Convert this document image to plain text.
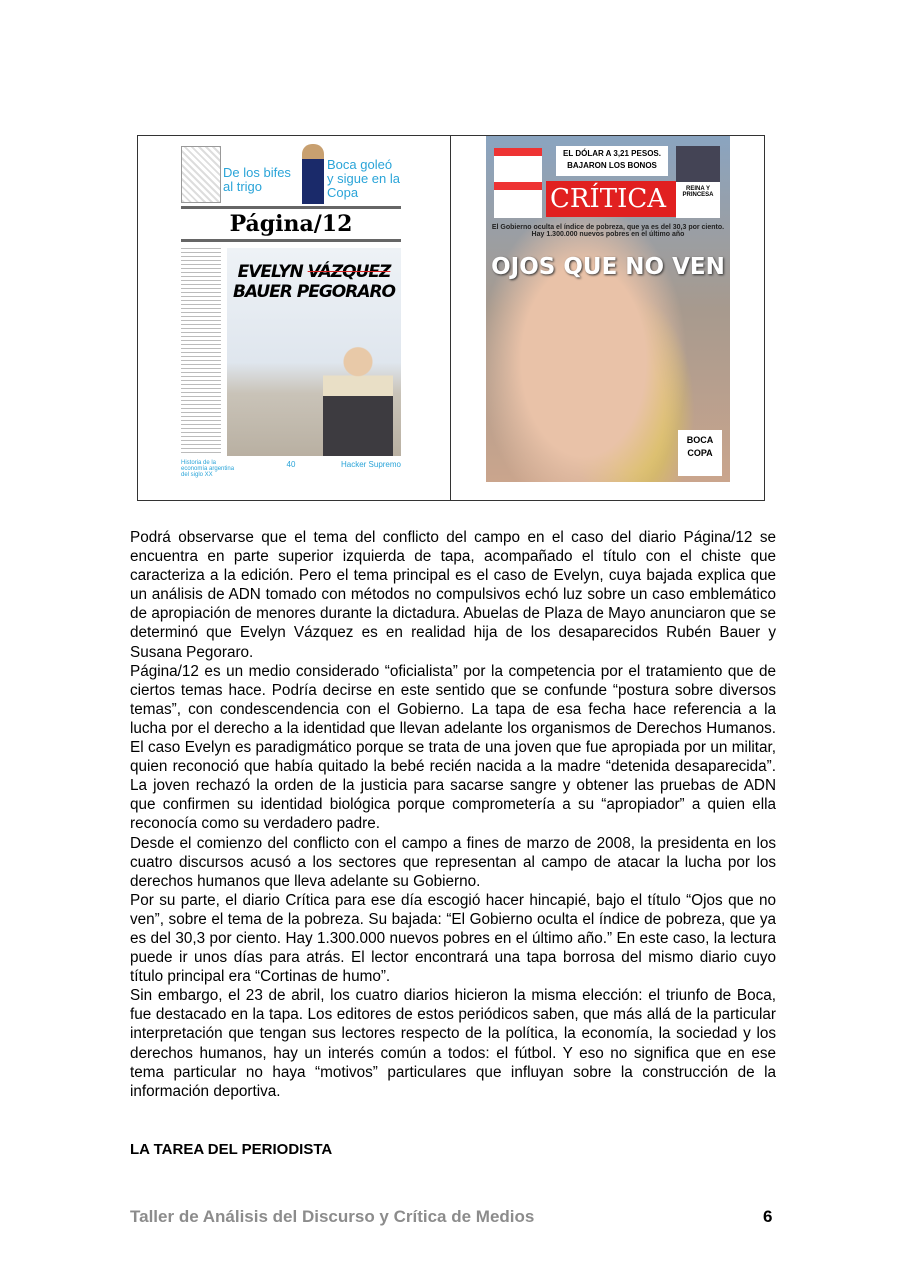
De los bifes al trigo
Boca goleó y sigue en la Copa
Página/12

EVELYN VÁZQUEZ
BAUER PEGORARO
Historia de la economía argentina del siglo XX
40	Hacker Supremo
EL DÓLAR A 3,21 PESOS. BAJARON LOS BONOS
CRÍTICA	REINA Y PRINCESA
El Gobierno oculta el índice de pobreza, que ya es del 30,3 por ciento. Hay 1.300.000 nuevos pobres en el último año
OJOS QUE NO VEN
BOCA COPA

Podrá observarse que el tema del conflicto del campo en el caso del diario Página/12 se encuentra en parte superior izquierda de tapa, acompañado el título con el chiste que caracteriza a la edición. Pero el tema principal es el caso de Evelyn, cuya bajada explica que un análisis de ADN tomado con métodos no compulsivos echó luz sobre un caso emblemático de apropiación de menores durante la dictadura. Abuelas de Plaza de Mayo anunciaron que se determinó que Evelyn Vázquez es en realidad hija de los desaparecidos Rubén Bauer y Susana Pegoraro.

Página/12 es un medio considerado “oficialista” por la competencia por el tratamiento que de ciertos temas hace. Podría decirse en este sentido que se confunde “postura sobre diversos temas”, con condescendencia con el Gobierno. La tapa de esa fecha hace referencia a la lucha por el derecho a la identidad que llevan adelante los organismos de Derechos Humanos. El caso Evelyn es paradigmático porque se trata de una joven que fue apropiada por un militar, quien reconoció que había quitado la bebé recién nacida a la madre “detenida desaparecida”. La joven rechazó la orden de la justicia para sacarse sangre y obtener las pruebas de ADN que confirmen su identidad biológica porque comprometería a su “apropiador” a quien ella reconocía como su verdadero padre.

Desde el comienzo del conflicto con el campo a fines de marzo de 2008, la presidenta en los cuatro discursos acusó a los sectores que representan al campo de atacar la lucha por los derechos humanos que lleva adelante su Gobierno.

Por su parte, el diario Crítica para ese día escogió hacer hincapié, bajo el título “Ojos que no ven”, sobre el tema de la pobreza. Su bajada: “El Gobierno oculta el índice de pobreza, que ya es del 30,3 por ciento. Hay 1.300.000 nuevos pobres en el último año.” En este caso, la lectura puede ir unos días para atrás. El lector encontrará una tapa borrosa del mismo diario cuyo título principal era “Cortinas de humo”.

Sin embargo, el 23 de abril, los cuatro diarios hicieron la misma elección: el triunfo de Boca, fue destacado en la tapa. Los editores de estos periódicos saben, que más allá de la particular interpretación que tengan sus lectores respecto de la política, la economía, la sociedad y los derechos humanos, hay un interés común a todos: el fútbol. Y eso no significa que en ese tema particular no haya “motivos” particulares que influyan sobre la construcción de la información deportiva.

LA TAREA DEL PERIODISTA
Taller de Análisis del Discurso y Crítica de Medios	6
